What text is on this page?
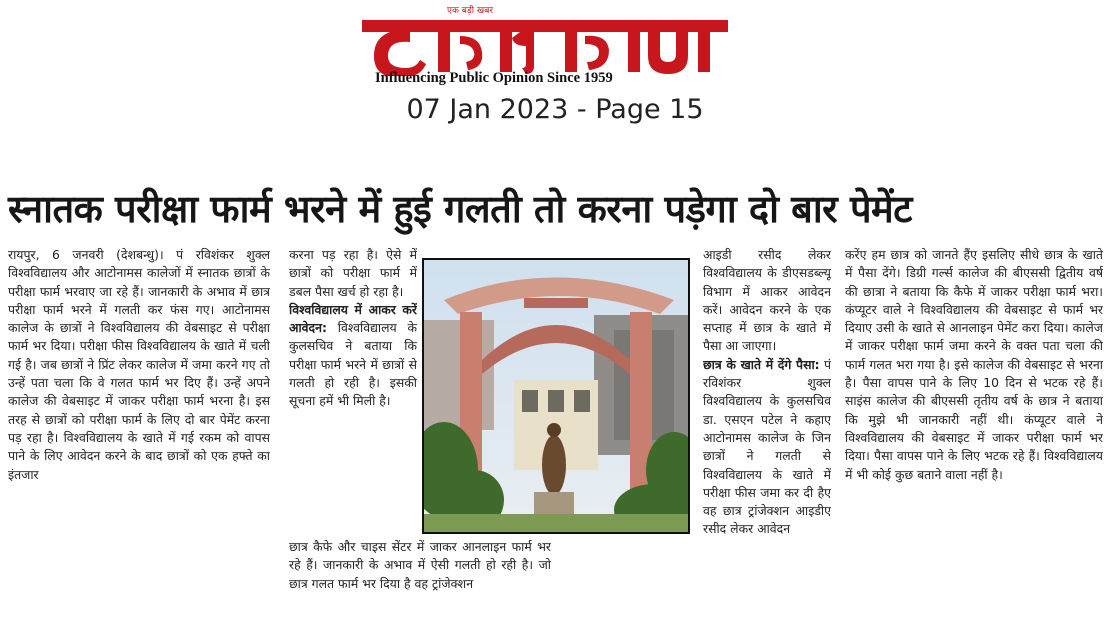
एक बड़ी खबर
Influencing Public Opinion Since 1959
07 Jan 2023 - Page 15
स्नातक परीक्षा फार्म भरने में हुई गलती तो करना पड़ेगा दो बार पेमेंट

रायपुर, 6 जनवरी (देशबन्धु)। पं रविशंकर शुक्ल विश्वविद्यालय और आटोनामस कालेजों में स्नातक छात्रों के परीक्षा फार्म भरवाए जा रहे हैं। जानकारी के अभाव में छात्र परीक्षा फार्म भरने में गलती कर फंस गए। आटोनामस कालेज के छात्रों ने विश्वविद्यालय की वेबसाइट से परीक्षा फार्म भर दिया। परीक्षा फीस विश्वविद्यालय के खाते में चली गई है। जब छात्रों ने प्रिंट लेकर कालेज में जमा करने गए तो उन्हें पता चला कि वे गलत फार्म भर दिए हैं। उन्हें अपने कालेज की वेबसाइट में जाकर परीक्षा फार्म भरना है। इस तरह से छात्रों को परीक्षा फार्म के लिए दो बार पेमेंट करना पड़ रहा है। विश्वविद्यालय के खाते में गई रकम को वापस पाने के लिए आवेदन करने के बाद छात्रों को एक हफ्ते का इंतजार

करना पड़ रहा है। ऐसे में छात्रों को परीक्षा फार्म में डबल पैसा खर्च हो रहा है।

विश्वविद्यालय में आकर करें आवेदन: विश्वविद्यालय के कुलसचिव ने बताया कि परीक्षा फार्म भरने में छात्रों से गलती हो रही है। इसकी सूचना हमें भी मिली है।

छात्र कैफे और चाइस सेंटर में जाकर आनलाइन फार्म भर रहे हैं। जानकारी के अभाव में ऐसी गलती हो रही है। जो छात्र गलत फार्म भर दिया है वह ट्रांजेक्शन

आइडी रसीद लेकर विश्वविद्यालय के डीएसडब्ल्यू विभाग में आकर आवेदन करें। आवेदन करने के एक सप्ताह में छात्र के खाते में पैसा आ जाएगा।

छात्र के खाते में देंगे पैसा: पं रविशंकर शुक्ल विश्वविद्यालय के कुलसचिव डा. एसएन पटेल ने कहाए आटोनामस कालेज के जिन छात्रों ने गलती से विश्वविद्यालय के खाते में परीक्षा फीस जमा कर दी हैए वह छात्र ट्रांजेक्शन आइडीए रसीद लेकर आवेदन

करेंए हम छात्र को जानते हैंए इसलिए सीधे छात्र के खाते में पैसा देंगे। डिग्री गर्ल्स कालेज की बीएससी द्वितीय वर्ष की छात्रा ने बताया कि कैफे में जाकर परीक्षा फार्म भरा। कंप्यूटर वाले ने विश्वविद्यालय की वेबसाइट से फार्म भर दियाए उसी के खाते से आनलाइन पेमेंट करा दिया। कालेज में जाकर परीक्षा फार्म जमा करने के वक्त पता चला की फार्म गलत भरा गया है। इसे कालेज की वेबसाइट से भरना है। पैसा वापस पाने के लिए 10 दिन से भटक रहे हैं। साइंस कालेज की बीएससी तृतीय वर्ष के छात्र ने बताया कि मुझे भी जानकारी नहीं थी। कंप्यूटर वाले ने विश्वविद्यालय की वेबसाइट में जाकर परीक्षा फार्म भर दिया। पैसा वापस पाने के लिए भटक रहे हैं। विश्वविद्यालय में भी कोई कुछ बताने वाला नहीं है।
